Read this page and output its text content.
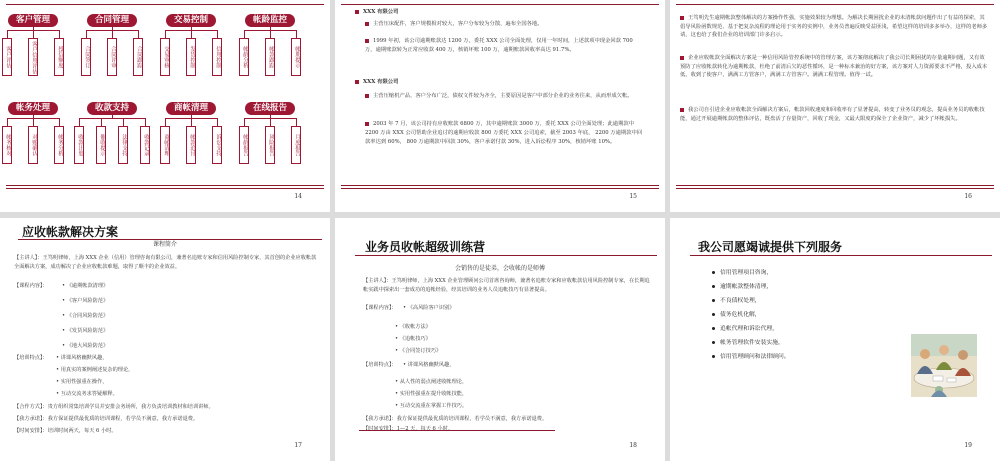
客户管理
客户评估	客户信用评估	授信额度
合同管理
合同签订	合同评审	合同跟踪
交易控制
交易审核	发货控制	信用控制
帐龄监控
帐龄分析	帐款跟踪	帐期提示
帐务处理
帐务核对	对账确认	帐务分析
收款支持
收款计划	催收提示	法律支持	收款记录
商帐清理
商帐清理	帐款追讨	诉讼支持
在线报告
帐龄报告	风险报告	月度报告
14
XXX 有限公司
主营压床配件，客户规模相对较大，客户分布较为分散，遍布全国各地。
1999 年初，该公司逾期账款达 1200 万，委托 XXX 公司全面处理，仅用一年时间，上述款项中现金回款 700 万，逾期账款转为正常应收款 400 万，核销坏账 100 万，逾期账款回收率高达 91.7%。
XXX 有限公司
主营压缩机产品，客户分布广泛，债权文件较为齐全，主要原因是客户中部分企业的业务往来，从而形成欠帐。
2003 年 7 月，该公司持有应收账款 6800 万，其中逾期账款 3000 万，委托 XXX 公司全面处理；此逾期款中 2200 万由 XXX 公司帮助企业追讨的逾期应收款 800 万委托 XXX 公司追索，截至 2003 年底， 2200 万逾期款中回款率达到 60%， 800 万逾期款中回款 30%，客户承诺付款 30%，进入诉讼程序 30%，核销坏账 10%。
15
王笃明先生逾期帐款整体解决的方案操作性强，实施效果较为理想。为解决长期困扰企业的未清帐款问题作出了有益的探索，其倡导风险函数规范、基于把复杂流程的理论用于实务的实例中，业务员普遍反映受益匪浅，希望这样的培训多多举办，这样的老师多请，这也给了我们企业的培训部门许多启示。
企业应收帐款全面解决方案是一种信用风险管控系统中的管理方案，该方案彻底解决了我公司长期困扰的存量逾期问题，又有效预防了应收帐款转化为逾期帐款，杜绝了前清后欠的恶性循环，是一种标本兼治的好方案，该方案对人力资源要求不严格，投入成本低，收到了使客户，满满工方管客户，满满工方管客户。满满工程管理。值得一试。
我公司自引进企业应收帐款全面解决方案后，帐款回收速度和回收率有了显著提高，转变了业务员的观念，提高业务员的收帐技能，通过开展逾期帐款的整体评估，既盘活了存量资产，回收了现金，又最大限度的保全了企业资产，减少了坏帐损失。
16
应收帐款解决方案
课程简介
【主讲人】：王笃明律师，上海 XXX 企业（信用）管理咨询有限公司，兼著名追账专家和信用风险控制专家，其首创的企业应收帐款全面解决方案，成功解决了企业应收帐款难题，取得了颇丰的企业效益。
【课程内容】：	• 《逾期帐款清理》
• 《客户风险防范》
• 《合同风险防范》
• 《发货风险防范》
• 《地大风险防范》
【培训特点】： • 讲课风格幽默风趣，
• 用真实的案例阐述复杂的理论，
• 实用性强重在操作，
• 互动交流务求答疑解释。
【合作方式】：贵方组织常集培训学员并安排会务场所，我方负责培训教材和培训讲师。
【我方承诺】：我方保证提供最优质的培训课程，若学员不满意，我方承诺退费。
【时间安排】：培训时间两天，每天 6 小时。
17
业务员收帐超级训练营
会销售的是徒弟，会收帐的是师傅
【主讲人】：王笃明律师，上海 XXX 企业管理顾问公司首席咨询师，兼著名追账专家和应收帐款信用风险控制专家，在长期追帐实践中探索出一套成功的追帐经验，经其培训的业务人员追帐技巧有显著提高。
【课程内容】： • 《高风险客户识别》
• 《收帐方法》
• 《追帐技巧》
• 《合同签订技巧》
【培训特点】： • 讲课风格幽默风趣，
• 从人性的弱点阐述收帐理论，
• 实用性强重在提升收帐技能，
• 互动交流重在掌握工作技巧。
【我方承诺】：我方保证提供最优质的培训课程，若学员不满意，我方承诺退费。
【时间安排】：1—2 天，每天 6 小时。
18
我公司愿竭诚提供下列服务
信用管理项目咨询，
逾期帐款整体清理，
不良债权处理，
债务危机化解，
追帐代理和诉讼代理，
帐务管理软件安装实施，
信用管理顾问和法律顾问。
19
